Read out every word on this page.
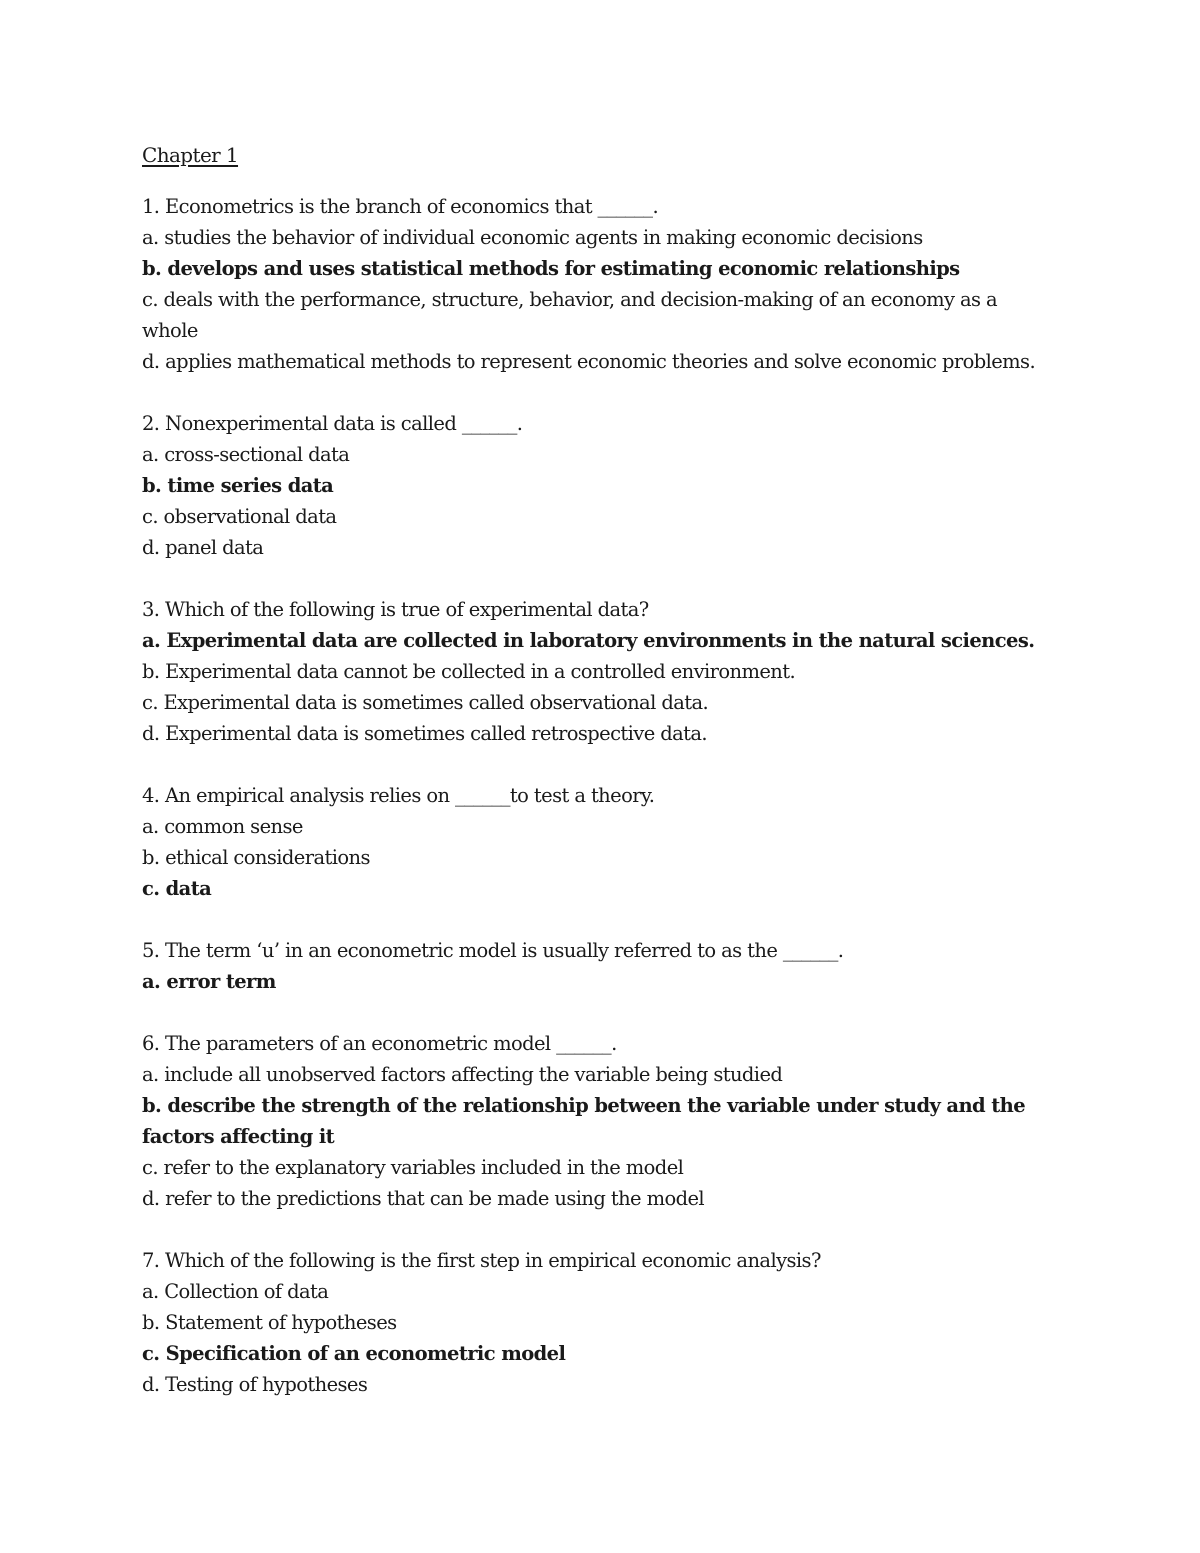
Chapter 1
1. Econometrics is the branch of economics that ______.
a. studies the behavior of individual economic agents in making economic decisions
b. develops and uses statistical methods for estimating economic relationships
c. deals with the performance, structure, behavior, and decision-making of an economy as a whole
d. applies mathematical methods to represent economic theories and solve economic problems.
2. Nonexperimental data is called ______.
a. cross-sectional data
b. time series data
c. observational data
d. panel data
3. Which of the following is true of experimental data?
a. Experimental data are collected in laboratory environments in the natural sciences.
b. Experimental data cannot be collected in a controlled environment.
c. Experimental data is sometimes called observational data.
d. Experimental data is sometimes called retrospective data.
4. An empirical analysis relies on ______to test a theory.
a. common sense
b. ethical considerations
c. data
5. The term ‘u’ in an econometric model is usually referred to as the ______.
a. error term
6. The parameters of an econometric model ______.
a. include all unobserved factors affecting the variable being studied
b. describe the strength of the relationship between the variable under study and the factors affecting it
c. refer to the explanatory variables included in the model
d. refer to the predictions that can be made using the model
7. Which of the following is the first step in empirical economic analysis?
a. Collection of data
b. Statement of hypotheses
c. Specification of an econometric model
d. Testing of hypotheses
